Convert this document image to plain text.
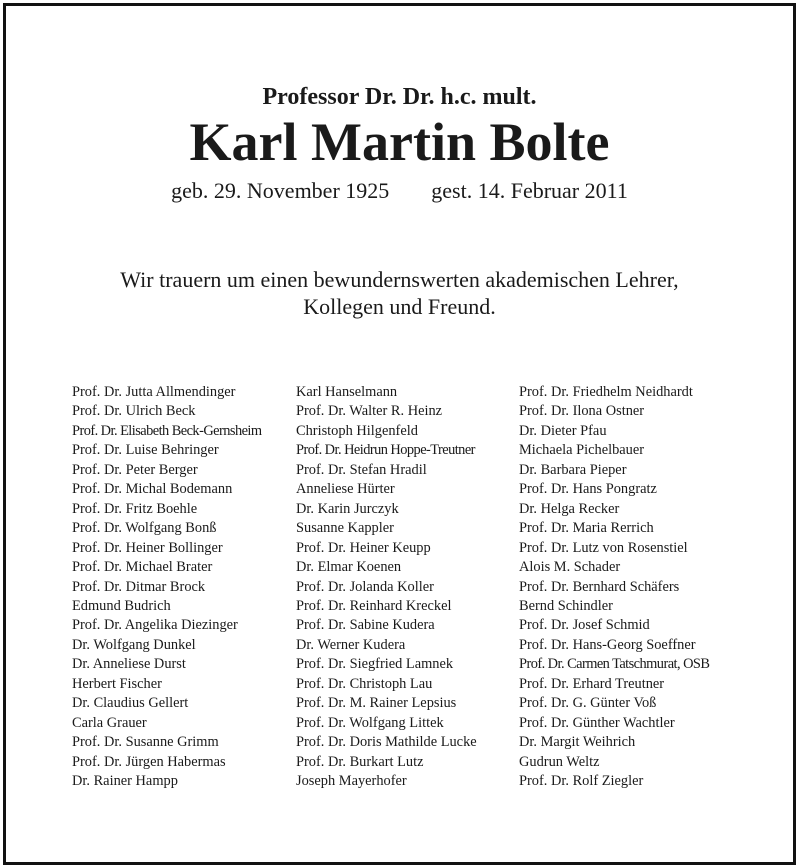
Professor Dr. Dr. h.c. mult.
Karl Martin Bolte
geb. 29. November 1925 gest. 14. Februar 2011
Wir trauern um einen bewundernswerten akademischen Lehrer,
Kollegen und Freund.
Prof. Dr. Jutta Allmendinger
Prof. Dr. Ulrich Beck
Prof. Dr. Elisabeth Beck-Gernsheim
Prof. Dr. Luise Behringer
Prof. Dr. Peter Berger
Prof. Dr. Michal Bodemann
Prof. Dr. Fritz Boehle
Prof. Dr. Wolfgang Bonß
Prof. Dr. Heiner Bollinger
Prof. Dr. Michael Brater
Prof. Dr. Ditmar Brock
Edmund Budrich
Prof. Dr. Angelika Diezinger
Dr. Wolfgang Dunkel
Dr. Anneliese Durst
Herbert Fischer
Dr. Claudius Gellert
Carla Grauer
Prof. Dr. Susanne Grimm
Prof. Dr. Jürgen Habermas
Dr. Rainer Hampp
Karl Hanselmann
Prof. Dr. Walter R. Heinz
Christoph Hilgenfeld
Prof. Dr. Heidrun Hoppe-Treutner
Prof. Dr. Stefan Hradil
Anneliese Hürter
Dr. Karin Jurczyk
Susanne Kappler
Prof. Dr. Heiner Keupp
Dr. Elmar Koenen
Prof. Dr. Jolanda Koller
Prof. Dr. Reinhard Kreckel
Prof. Dr. Sabine Kudera
Dr. Werner Kudera
Prof. Dr. Siegfried Lamnek
Prof. Dr. Christoph Lau
Prof. Dr. M. Rainer Lepsius
Prof. Dr. Wolfgang Littek
Prof. Dr. Doris Mathilde Lucke
Prof. Dr. Burkart Lutz
Joseph Mayerhofer
Prof. Dr. Friedhelm Neidhardt
Prof. Dr. Ilona Ostner
Dr. Dieter Pfau
Michaela Pichelbauer
Dr. Barbara Pieper
Prof. Dr. Hans Pongratz
Dr. Helga Recker
Prof. Dr. Maria Rerrich
Prof. Dr. Lutz von Rosenstiel
Alois M. Schader
Prof. Dr. Bernhard Schäfers
Bernd Schindler
Prof. Dr. Josef Schmid
Prof. Dr. Hans-Georg Soeffner
Prof. Dr. Carmen Tatschmurat, OSB
Prof. Dr. Erhard Treutner
Prof. Dr. G. Günter Voß
Prof. Dr. Günther Wachtler
Dr. Margit Weihrich
Gudrun Weltz
Prof. Dr. Rolf Ziegler
